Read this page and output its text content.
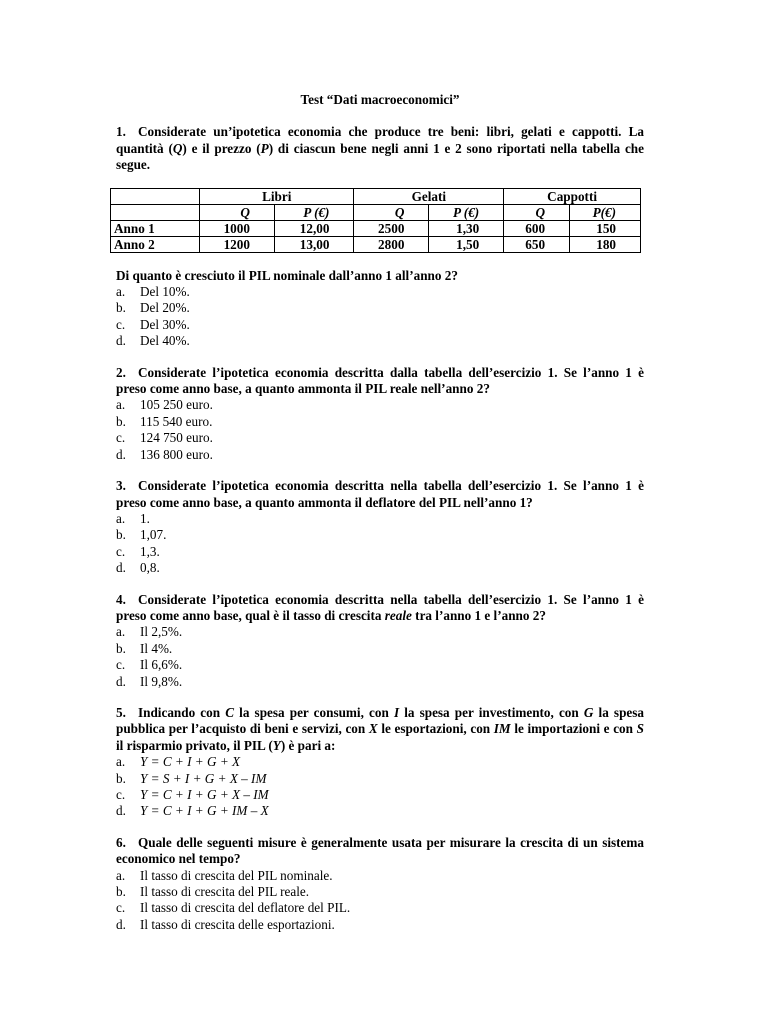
Test “Dati macroeconomici”

1. Considerate un’ipotetica economia che produce tre beni: libri, gelati e cappotti. La quantità (Q) e il prezzo (P) di ciascun bene negli anni 1 e 2 sono riportati nella tabella che segue.

	Libri		Gelati		Cappotti	
	Q	P (€)	Q	P (€)	Q	P(€)
Anno 1	1000	12,00	2500	1,30	600	150
Anno 2	1200	13,00	2800	1,50	650	180

Di quanto è cresciuto il PIL nominale dall’anno 1 all’anno 2?

a.	Del 10%.
b.	Del 20%.
c.	Del 30%.
d.	Del 40%.

2. Considerate l’ipotetica economia descritta dalla tabella dell’esercizio 1. Se l’anno 1 è preso come anno base, a quanto ammonta il PIL reale nell’anno 2?

a.	105 250 euro.
b.	115 540 euro.
c.	124 750 euro.
d.	136 800 euro.

3. Considerate l’ipotetica economia descritta nella tabella dell’esercizio 1. Se l’anno 1 è preso come anno base, a quanto ammonta il deflatore del PIL nell’anno 1?

a.	1.
b.	1,07.
c.	1,3.
d.	0,8.

4. Considerate l’ipotetica economia descritta nella tabella dell’esercizio 1. Se l’anno 1 è preso come anno base, qual è il tasso di crescita reale tra l’anno 1 e l’anno 2?

a.	Il 2,5%.
b.	Il 4%.
c.	Il 6,6%.
d.	Il 9,8%.

5. Indicando con C la spesa per consumi, con I la spesa per investimento, con G la spesa pubblica per l’acquisto di beni e servizi, con X le esportazioni, con IM le importazioni e con S il risparmio privato, il PIL (Y) è pari a:

a.	Y = C + I + G + X
b.	Y = S + I + G + X – IM
c.	Y = C + I + G + X – IM
d.	Y = C + I + G + IM – X

6. Quale delle seguenti misure è generalmente usata per misurare la crescita di un sistema economico nel tempo?

a.	Il tasso di crescita del PIL nominale.
b.	Il tasso di crescita del PIL reale.
c.	Il tasso di crescita del deflatore del PIL.
d.	Il tasso di crescita delle esportazioni.
